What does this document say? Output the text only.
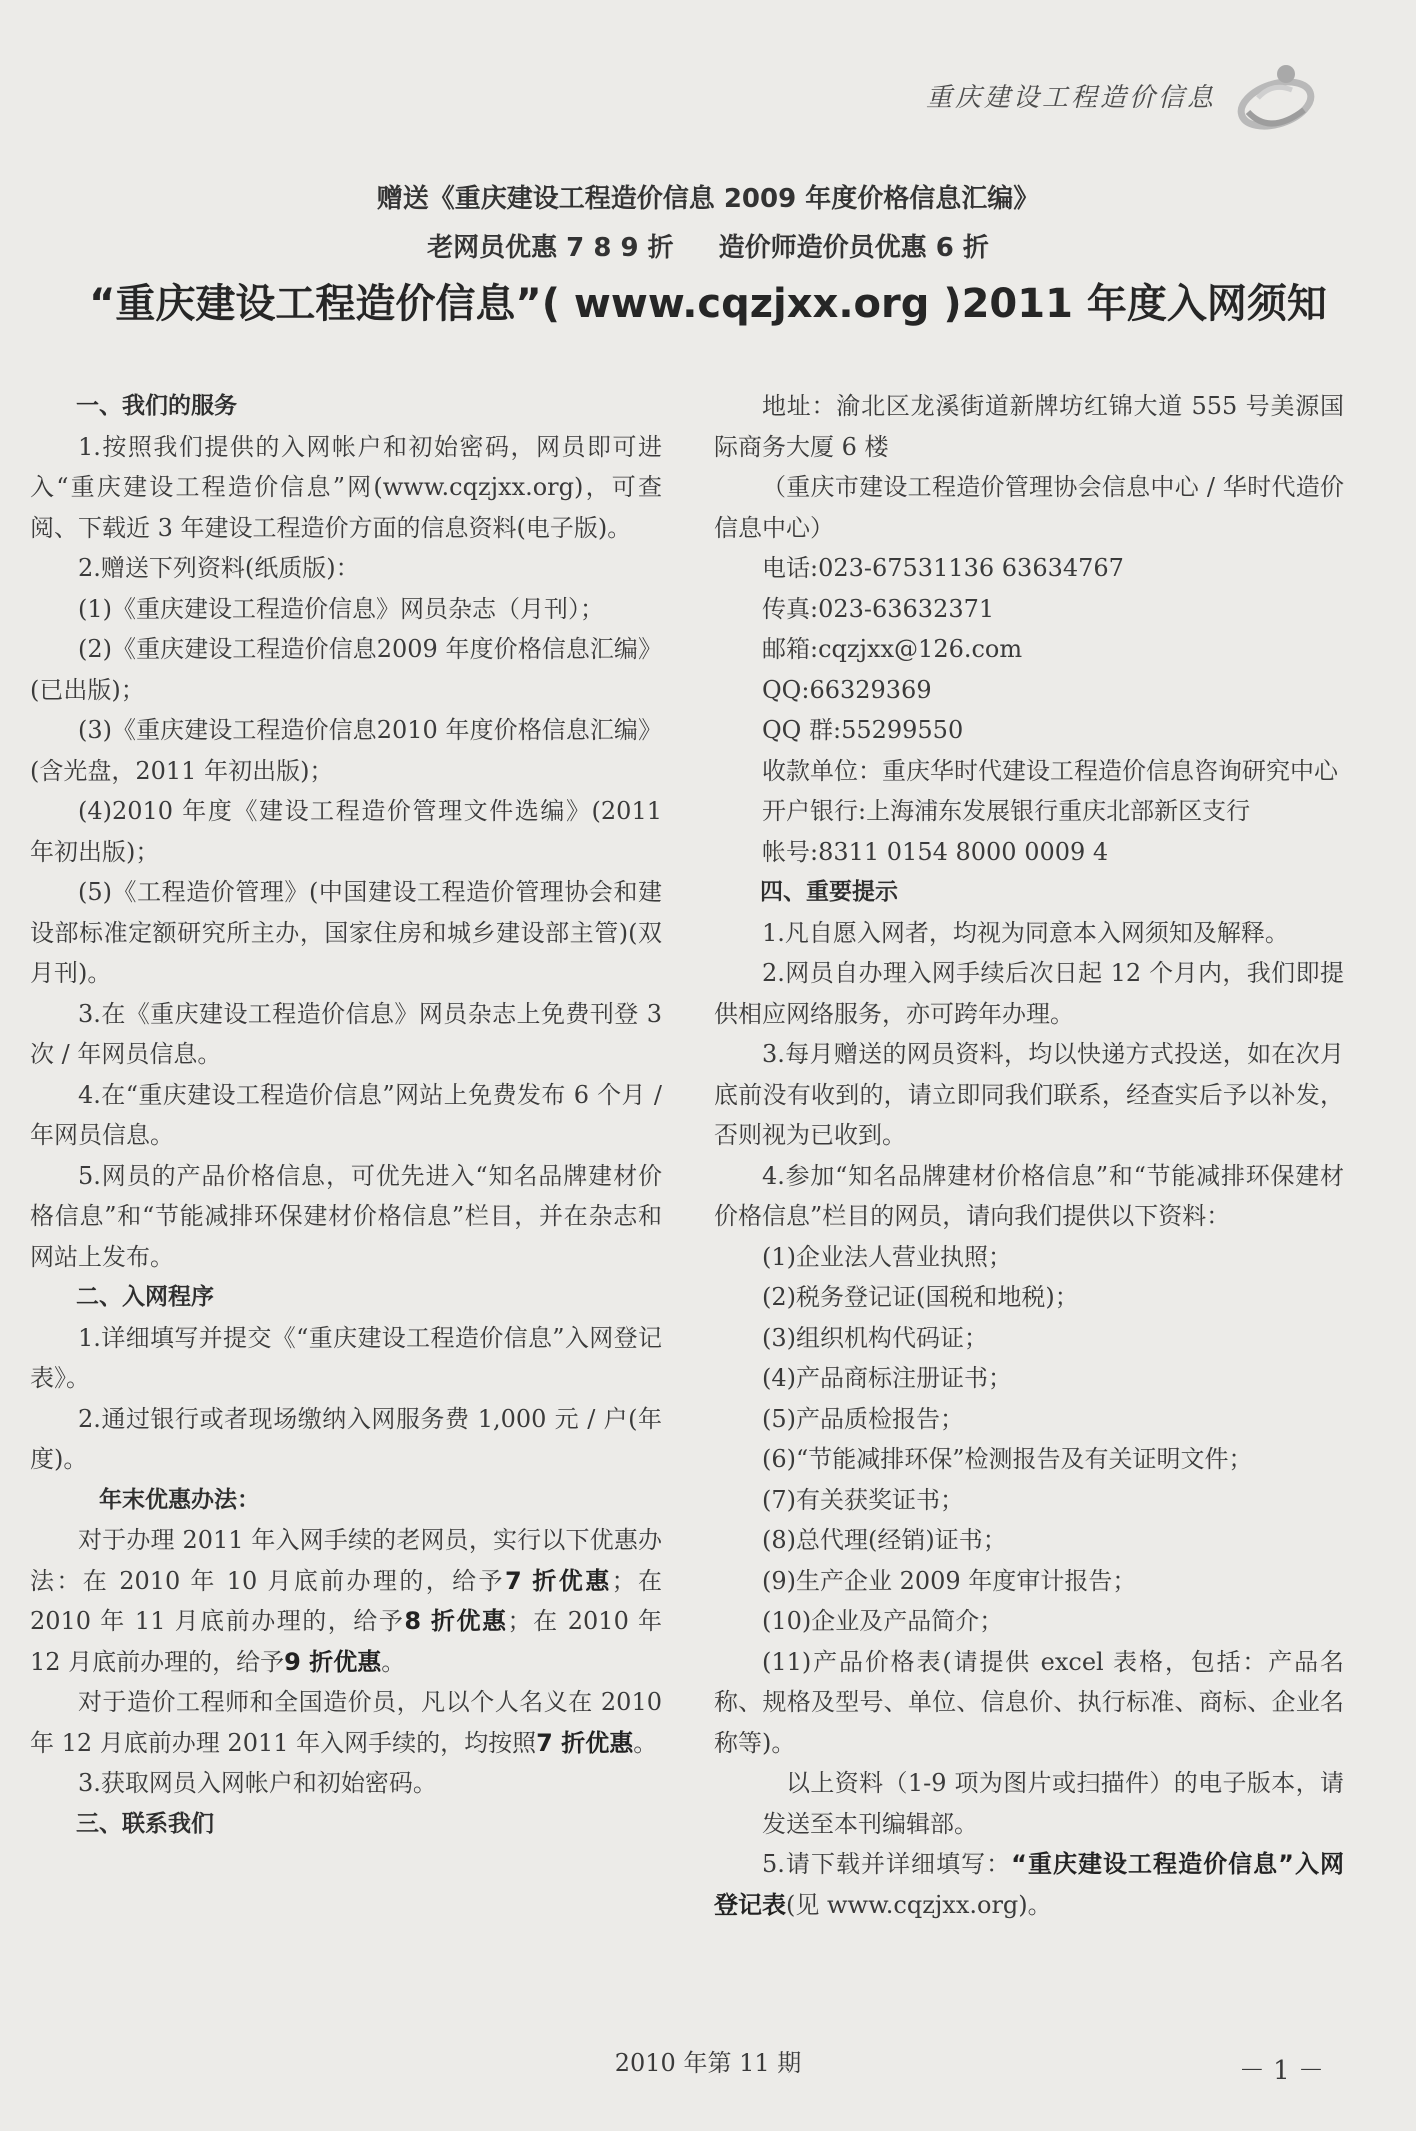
重庆建设工程造价信息
赠送《重庆建设工程造价信息 2009 年度价格信息汇编》
老网员优惠 7 8 9 折 造价师造价员优惠 6 折
“重庆建设工程造价信息”( www.cqzjxx.org )2011 年度入网须知

一、我们的服务

1.按照我们提供的入网帐户和初始密码，网员即可进入“重庆建设工程造价信息”网(www.cqzjxx.org)，可查阅、下载近 3 年建设工程造价方面的信息资料(电子版)。

2.赠送下列资料(纸质版)：

(1)《重庆建设工程造价信息》网员杂志（月刊）；

(2)《重庆建设工程造价信息2009 年度价格信息汇编》(已出版)；

(3)《重庆建设工程造价信息2010 年度价格信息汇编》(含光盘，2011 年初出版)；

(4)2010 年度《建设工程造价管理文件选编》(2011 年初出版)；

(5)《工程造价管理》(中国建设工程造价管理协会和建设部标准定额研究所主办，国家住房和城乡建设部主管)(双月刊)。

3.在《重庆建设工程造价信息》网员杂志上免费刊登 3 次 / 年网员信息。

4.在“重庆建设工程造价信息”网站上免费发布 6 个月 / 年网员信息。

5.网员的产品价格信息，可优先进入“知名品牌建材价格信息”和“节能减排环保建材价格信息”栏目，并在杂志和网站上发布。

二、入网程序

1.详细填写并提交《“重庆建设工程造价信息”入网登记表》。

2.通过银行或者现场缴纳入网服务费 1,000 元 / 户(年度)。

年末优惠办法：

对于办理 2011 年入网手续的老网员，实行以下优惠办法：在 2010 年 10 月底前办理的，给予7 折优惠；在 2010 年 11 月底前办理的，给予8 折优惠；在 2010 年 12 月底前办理的，给予9 折优惠。

对于造价工程师和全国造价员，凡以个人名义在 2010 年 12 月底前办理 2011 年入网手续的，均按照7 折优惠。

3.获取网员入网帐户和初始密码。

三、联系我们

地址：渝北区龙溪街道新牌坊红锦大道 555 号美源国际商务大厦 6 楼

（重庆市建设工程造价管理协会信息中心 / 华时代造价信息中心）

电话:023-67531136 63634767

传真:023-63632371

邮箱:cqzjxx@126.com

QQ:66329369

QQ 群:55299550

收款单位：重庆华时代建设工程造价信息咨询研究中心

开户银行:上海浦东发展银行重庆北部新区支行

帐号:8311 0154 8000 0009 4

四、重要提示

1.凡自愿入网者，均视为同意本入网须知及解释。

2.网员自办理入网手续后次日起 12 个月内，我们即提供相应网络服务，亦可跨年办理。

3.每月赠送的网员资料，均以快递方式投送，如在次月底前没有收到的，请立即同我们联系，经查实后予以补发，否则视为已收到。

4.参加“知名品牌建材价格信息”和“节能减排环保建材价格信息”栏目的网员，请向我们提供以下资料：

(1)企业法人营业执照；

(2)税务登记证(国税和地税)；

(3)组织机构代码证；

(4)产品商标注册证书；

(5)产品质检报告；

(6)“节能减排环保”检测报告及有关证明文件；

(7)有关获奖证书；

(8)总代理(经销)证书；

(9)生产企业 2009 年度审计报告；

(10)企业及产品简介；

(11)产品价格表(请提供 excel 表格，包括：产品名称、规格及型号、单位、信息价、执行标准、商标、企业名称等)。

以上资料（1-9 项为图片或扫描件）的电子版本，请发送至本刊编辑部。

5.请下载并详细填写：“重庆建设工程造价信息”入网登记表(见 www.cqzjxx.org)。

2010 年第 11 期	－ 1 －
